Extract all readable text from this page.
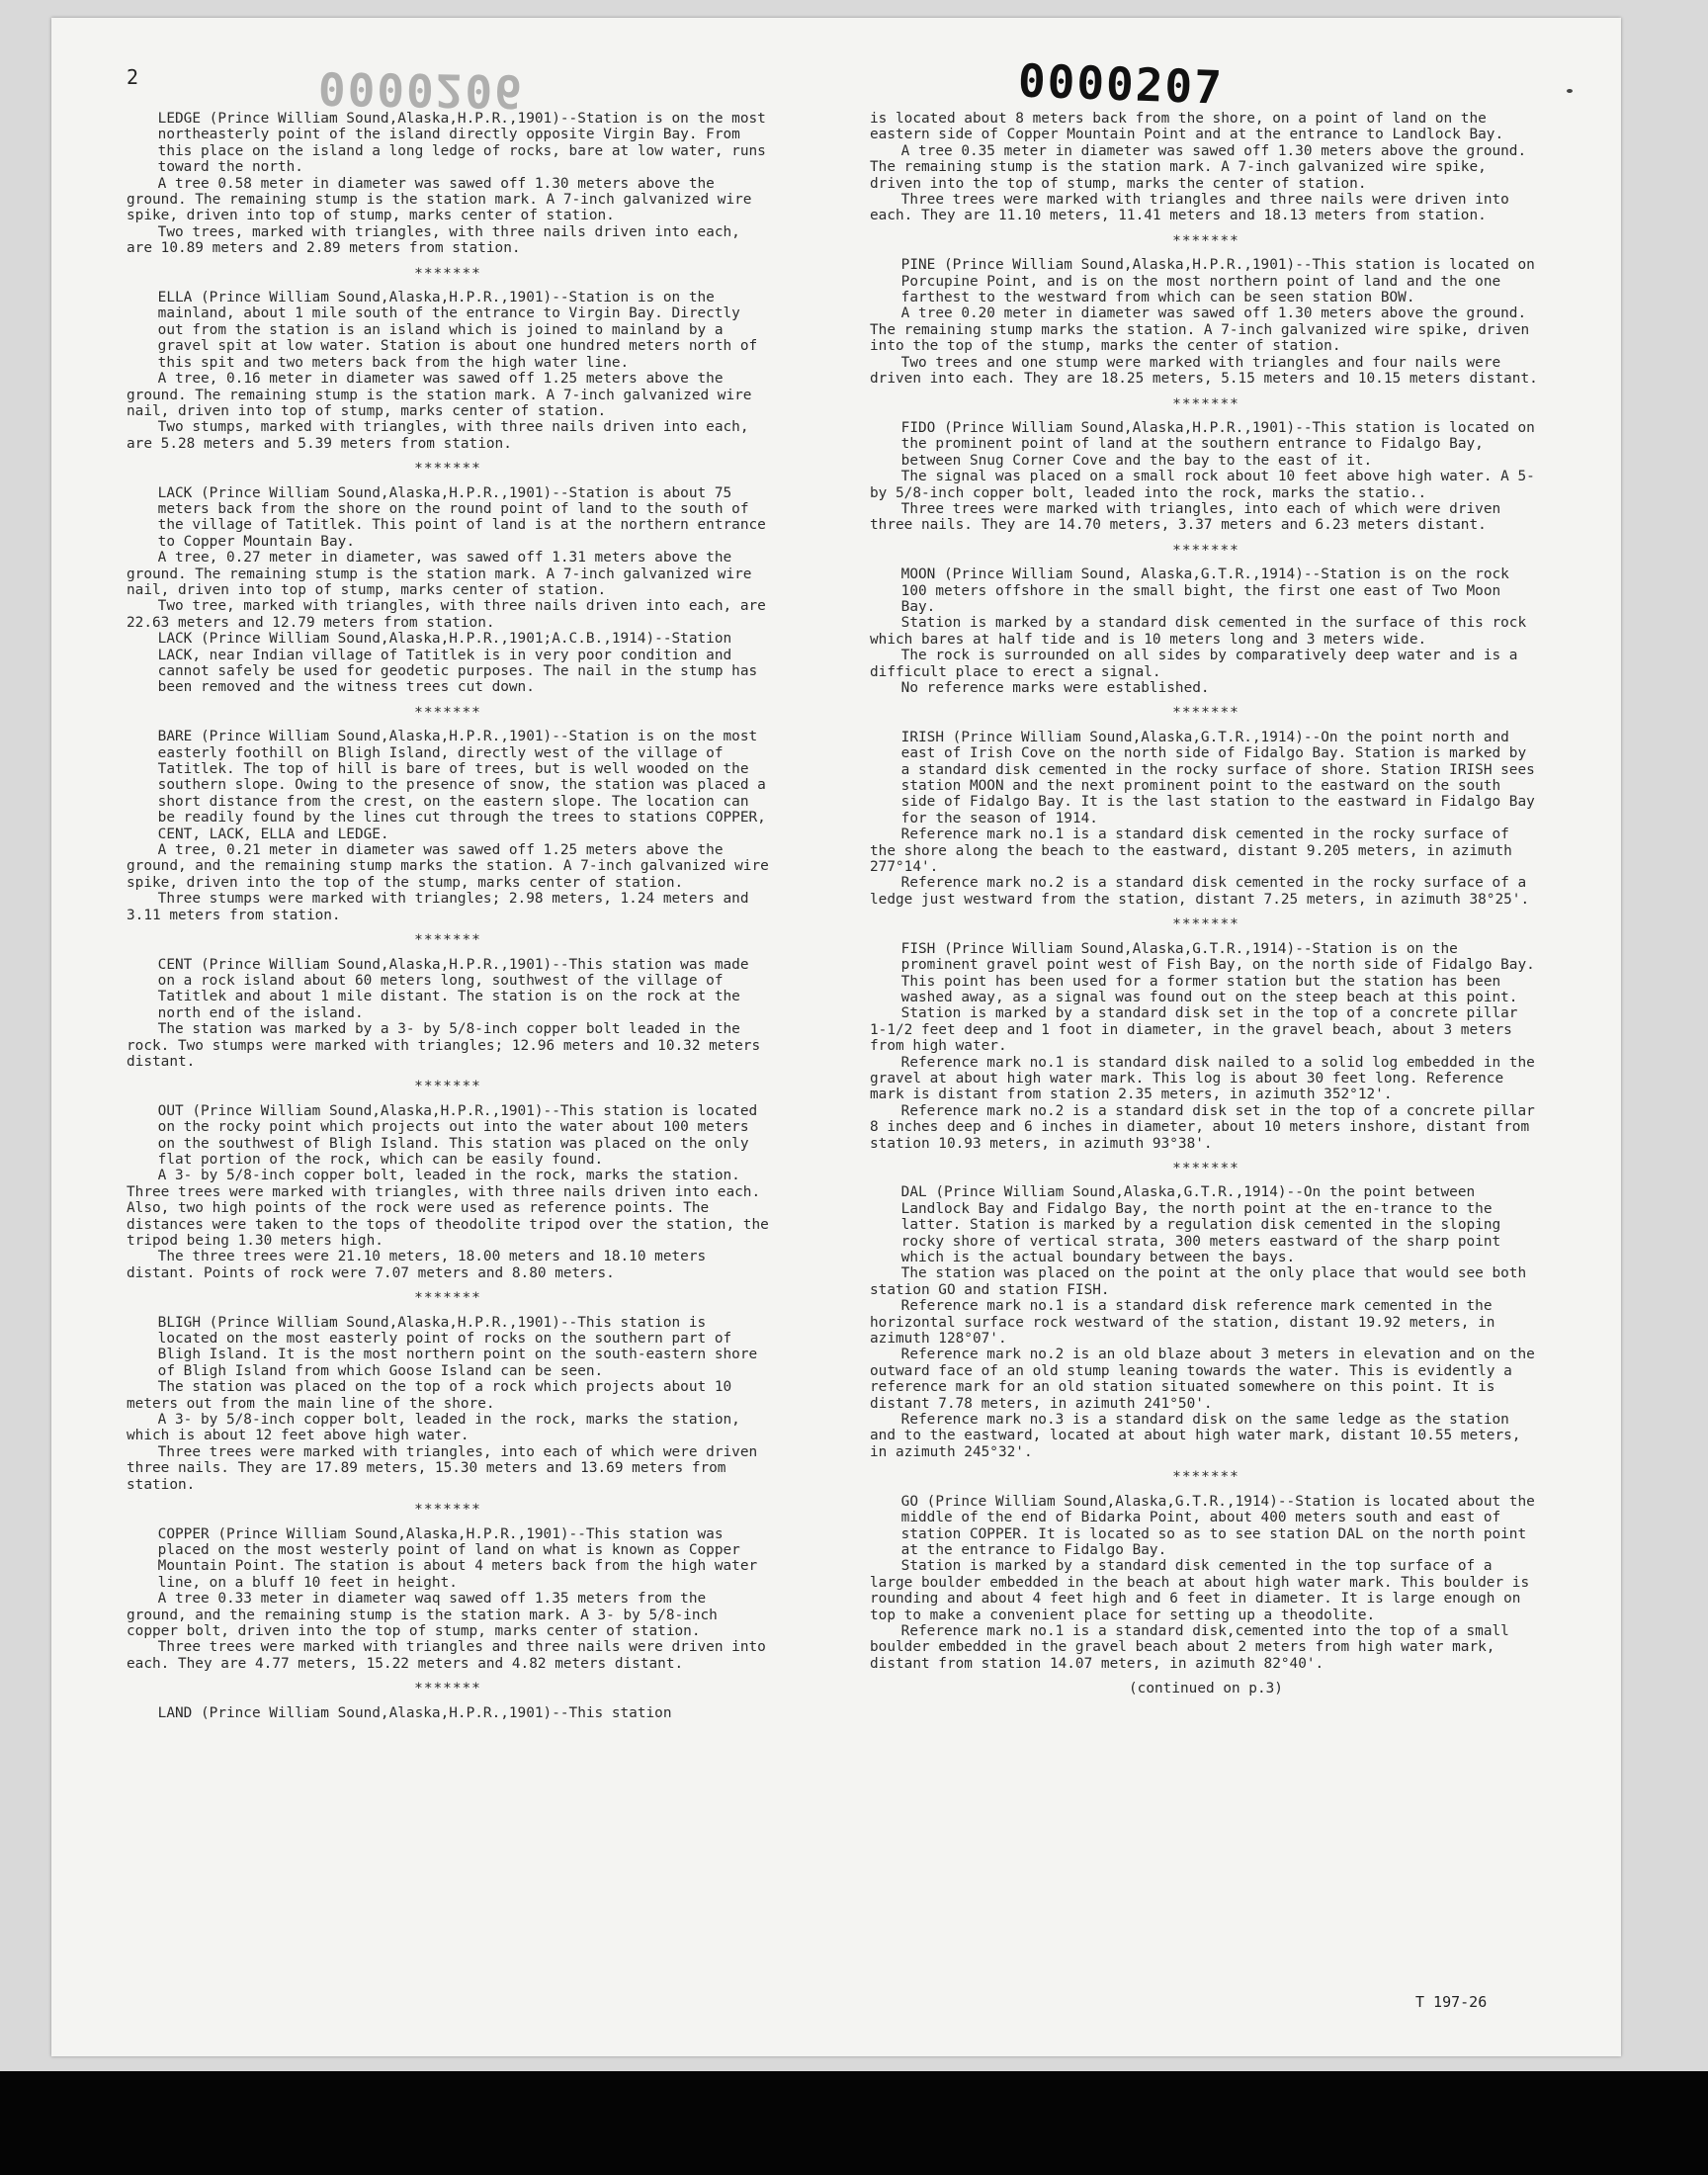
2	0000206	0000207

LEDGE (Prince William Sound,Alaska,H.P.R.,1901)--Station is on the most northeasterly point of the island directly opposite Virgin Bay. From this place on the island a long ledge of rocks, bare at low water, runs toward the north.

A tree 0.58 meter in diameter was sawed off 1.30 meters above the ground. The remaining stump is the station mark. A 7-inch galvanized wire spike, driven into top of stump, marks center of station.

Two trees, marked with triangles, with three nails driven into each, are 10.89 meters and 2.89 meters from station.

*******

ELLA (Prince William Sound,Alaska,H.P.R.,1901)--Station is on the mainland, about 1 mile south of the entrance to Virgin Bay. Directly out from the station is an island which is joined to mainland by a gravel spit at low water. Station is about one hundred meters north of this spit and two meters back from the high water line.

A tree, 0.16 meter in diameter was sawed off 1.25 meters above the ground. The remaining stump is the station mark. A 7-inch galvanized wire nail, driven into top of stump, marks center of station.

Two stumps, marked with triangles, with three nails driven into each, are 5.28 meters and 5.39 meters from station.

*******

LACK (Prince William Sound,Alaska,H.P.R.,1901)--Station is about 75 meters back from the shore on the round point of land to the south of the village of Tatitlek. This point of land is at the northern entrance to Copper Mountain Bay.

A tree, 0.27 meter in diameter, was sawed off 1.31 meters above the ground. The remaining stump is the station mark. A 7-inch galvanized wire nail, driven into top of stump, marks center of station.

Two tree, marked with triangles, with three nails driven into each, are 22.63 meters and 12.79 meters from station.

LACK (Prince William Sound,Alaska,H.P.R.,1901;A.C.B.,1914)--Station LACK, near Indian village of Tatitlek is in very poor condition and cannot safely be used for geodetic purposes. The nail in the stump has been removed and the witness trees cut down.

*******

BARE (Prince William Sound,Alaska,H.P.R.,1901)--Station is on the most easterly foothill on Bligh Island, directly west of the village of Tatitlek. The top of hill is bare of trees, but is well wooded on the southern slope. Owing to the presence of snow, the station was placed a short distance from the crest, on the eastern slope. The location can be readily found by the lines cut through the trees to stations COPPER, CENT, LACK, ELLA and LEDGE.

A tree, 0.21 meter in diameter was sawed off 1.25 meters above the ground, and the remaining stump marks the station. A 7-inch galvanized wire spike, driven into the top of the stump, marks center of station.

Three stumps were marked with triangles; 2.98 meters, 1.24 meters and 3.11 meters from station.

*******

CENT (Prince William Sound,Alaska,H.P.R.,1901)--This station was made on a rock island about 60 meters long, southwest of the village of Tatitlek and about 1 mile distant. The station is on the rock at the north end of the island.

The station was marked by a 3- by 5/8-inch copper bolt leaded in the rock. Two stumps were marked with triangles; 12.96 meters and 10.32 meters distant.

*******

OUT (Prince William Sound,Alaska,H.P.R.,1901)--This station is located on the rocky point which projects out into the water about 100 meters on the southwest of Bligh Island. This station was placed on the only flat portion of the rock, which can be easily found.

A 3- by 5/8-inch copper bolt, leaded in the rock, marks the station. Three trees were marked with triangles, with three nails driven into each. Also, two high points of the rock were used as reference points. The distances were taken to the tops of theodolite tripod over the station, the tripod being 1.30 meters high.

The three trees were 21.10 meters, 18.00 meters and 18.10 meters distant. Points of rock were 7.07 meters and 8.80 meters.

*******

BLIGH (Prince William Sound,Alaska,H.P.R.,1901)--This station is located on the most easterly point of rocks on the southern part of Bligh Island. It is the most northern point on the south-eastern shore of Bligh Island from which Goose Island can be seen.

The station was placed on the top of a rock which projects about 10 meters out from the main line of the shore.

A 3- by 5/8-inch copper bolt, leaded in the rock, marks the station, which is about 12 feet above high water.

Three trees were marked with triangles, into each of which were driven three nails. They are 17.89 meters, 15.30 meters and 13.69 meters from station.

*******

COPPER (Prince William Sound,Alaska,H.P.R.,1901)--This station was placed on the most westerly point of land on what is known as Copper Mountain Point. The station is about 4 meters back from the high water line, on a bluff 10 feet in height.

A tree 0.33 meter in diameter waq sawed off 1.35 meters from the ground, and the remaining stump is the station mark. A 3- by 5/8-inch copper bolt, driven into the top of stump, marks center of station.

Three trees were marked with triangles and three nails were driven into each. They are 4.77 meters, 15.22 meters and 4.82 meters distant.

*******

LAND (Prince William Sound,Alaska,H.P.R.,1901)--This station

is located about 8 meters back from the shore, on a point of land on the eastern side of Copper Mountain Point and at the entrance to Landlock Bay.

A tree 0.35 meter in diameter was sawed off 1.30 meters above the ground. The remaining stump is the station mark. A 7-inch galvanized wire spike, driven into the top of stump, marks the center of station.

Three trees were marked with triangles and three nails were driven into each. They are 11.10 meters, 11.41 meters and 18.13 meters from station.

*******

PINE (Prince William Sound,Alaska,H.P.R.,1901)--This station is located on Porcupine Point, and is on the most northern point of land and the one farthest to the westward from which can be seen station BOW.

A tree 0.20 meter in diameter was sawed off 1.30 meters above the ground. The remaining stump marks the station. A 7-inch galvanized wire spike, driven into the top of the stump, marks the center of station.

Two trees and one stump were marked with triangles and four nails were driven into each. They are 18.25 meters, 5.15 meters and 10.15 meters distant.

*******

FIDO (Prince William Sound,Alaska,H.P.R.,1901)--This station is located on the prominent point of land at the southern entrance to Fidalgo Bay, between Snug Corner Cove and the bay to the east of it.

The signal was placed on a small rock about 10 feet above high water. A 5- by 5/8-inch copper bolt, leaded into the rock, marks the statio..

Three trees were marked with triangles, into each of which were driven three nails. They are 14.70 meters, 3.37 meters and 6.23 meters distant.

*******

MOON (Prince William Sound, Alaska,G.T.R.,1914)--Station is on the rock 100 meters offshore in the small bight, the first one east of Two Moon Bay.

Station is marked by a standard disk cemented in the surface of this rock which bares at half tide and is 10 meters long and 3 meters wide.

The rock is surrounded on all sides by comparatively deep water and is a difficult place to erect a signal.

No reference marks were established.

*******

IRISH (Prince William Sound,Alaska,G.T.R.,1914)--On the point north and east of Irish Cove on the north side of Fidalgo Bay. Station is marked by a standard disk cemented in the rocky surface of shore. Station IRISH sees station MOON and the next prominent point to the eastward on the south side of Fidalgo Bay. It is the last station to the eastward in Fidalgo Bay for the season of 1914.

Reference mark no.1 is a standard disk cemented in the rocky surface of the shore along the beach to the eastward, distant 9.205 meters, in azimuth 277°14'.

Reference mark no.2 is a standard disk cemented in the rocky surface of a ledge just westward from the station, distant 7.25 meters, in azimuth 38°25'.

*******

FISH (Prince William Sound,Alaska,G.T.R.,1914)--Station is on the prominent gravel point west of Fish Bay, on the north side of Fidalgo Bay. This point has been used for a former station but the station has been washed away, as a signal was found out on the steep beach at this point.

Station is marked by a standard disk set in the top of a concrete pillar 1-1/2 feet deep and 1 foot in diameter, in the gravel beach, about 3 meters from high water.

Reference mark no.1 is standard disk nailed to a solid log embedded in the gravel at about high water mark. This log is about 30 feet long. Reference mark is distant from station 2.35 meters, in azimuth 352°12'.

Reference mark no.2 is a standard disk set in the top of a concrete pillar 8 inches deep and 6 inches in diameter, about 10 meters inshore, distant from station 10.93 meters, in azimuth 93°38'.

*******

DAL (Prince William Sound,Alaska,G.T.R.,1914)--On the point between Landlock Bay and Fidalgo Bay, the north point at the en-trance to the latter. Station is marked by a regulation disk cemented in the sloping rocky shore of vertical strata, 300 meters eastward of the sharp point which is the actual boundary between the bays.

The station was placed on the point at the only place that would see both station GO and station FISH.

Reference mark no.1 is a standard disk reference mark cemented in the horizontal surface rock westward of the station, distant 19.92 meters, in azimuth 128°07'.

Reference mark no.2 is an old blaze about 3 meters in elevation and on the outward face of an old stump leaning towards the water. This is evidently a reference mark for an old station situated somewhere on this point. It is distant 7.78 meters, in azimuth 241°50'.

Reference mark no.3 is a standard disk on the same ledge as the station and to the eastward, located at about high water mark, distant 10.55 meters, in azimuth 245°32'.

*******

GO (Prince William Sound,Alaska,G.T.R.,1914)--Station is located about the middle of the end of Bidarka Point, about 400 meters south and east of station COPPER. It is located so as to see station DAL on the north point at the entrance to Fidalgo Bay.

Station is marked by a standard disk cemented in the top surface of a large boulder embedded in the beach at about high water mark. This boulder is rounding and about 4 feet high and 6 feet in diameter. It is large enough on top to make a convenient place for setting up a theodolite.

Reference mark no.1 is a standard disk,cemented into the top of a small boulder embedded in the gravel beach about 2 meters from high water mark, distant from station 14.07 meters, in azimuth 82°40'.

(continued on p.3)
T 197-26
